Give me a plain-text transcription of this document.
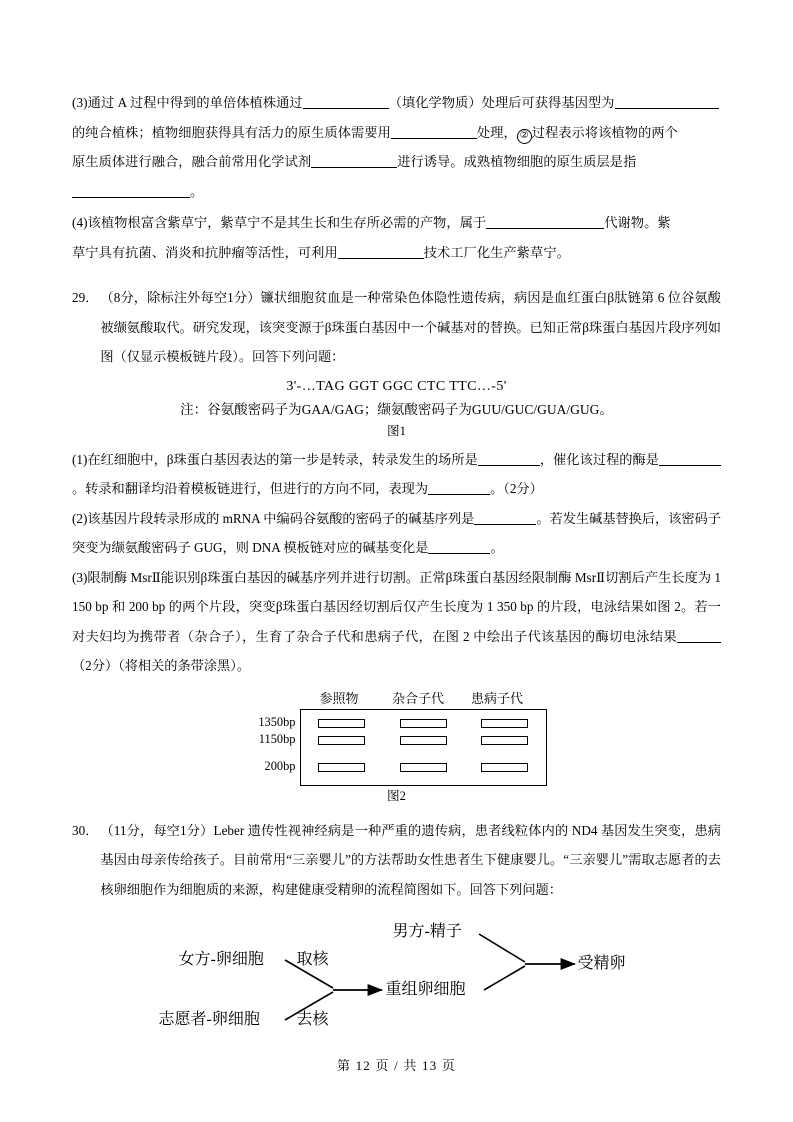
(3)通过 A 过程中得到的单倍体植株通过	（填化学物质）处理后可获得基因型为

的纯合植株；植物细胞获得具有活力的原生质体需要用	处理， ② 过程表示将该植物的两个

原生质体进行融合，融合前常用化学试剂	进行诱导。成熟植物细胞的原生质层是指

。

(4)该植物根富含紫草宁，紫草宁不是其生长和生存所必需的产物，属于	代谢物。紫

草宁具有抗菌、消炎和抗肿瘤等活性，可利用	技术工厂化生产紫草宁。

29． （8分，除标注外每空1分）镰状细胞贫血是一种常染色体隐性遗传病，病因是血红蛋白β肽链第 6 位谷氨酸被缬氨酸取代。研究发现，该突变源于β珠蛋白基因中一个碱基对的替换。已知正常β珠蛋白基因片段序列如图（仅显示模板链片段）。回答下列问题：
3'-…TAG GGT GGC CTC TTC…-5'
注：谷氨酸密码子为GAA/GAG；缬氨酸密码子为GUU/GUC/GUA/GUG。
图1

(1)在红细胞中，β珠蛋白基因表达的第一步是转录，转录发生的场所是	，催化该过程的酶是。转录和翻译均沿着模板链进行，但进行的方向不同，表现为	。（2分）

(2)该基因片段转录形成的 mRNA 中编码谷氨酸的密码子的碱基序列是	。若发生碱基替换后，该密码子突变为缬氨酸密码子 GUG，则 DNA 模板链对应的碱基变化是	。

(3)限制酶 MsrⅡ能识别β珠蛋白基因的碱基序列并进行切割。正常β珠蛋白基因经限制酶 MsrⅡ切割后产生长度为 1 150 bp 和 200 bp 的两个片段，突变β珠蛋白基因经切割后仅产生长度为 1 350 bp 的片段，电泳结果如图 2。若一对夫妇均为携带者（杂合子），生育了杂合子代和患病子代，在图 2 中绘出子代该基因的酶切电泳结果（2分）（将相关的条带涂黑）。

参照物	杂合子代	患病子代
1350bp
1150bp
200bp
图2
30． （11分，每空1分）Leber 遗传性视神经病是一种严重的遗传病，患者线粒体内的 ND4 基因发生突变，患病基因由母亲传给孩子。目前常用“三亲婴儿”的方法帮助女性患者生下健康婴儿。“三亲婴儿”需取志愿者的去核卵细胞作为细胞质的来源，构建健康受精卵的流程简图如下。回答下列问题：
女方-卵细胞
志愿者-卵细胞
取核
去核
重组卵细胞
男方-精子
受精卵
第 12 页 / 共 13 页
